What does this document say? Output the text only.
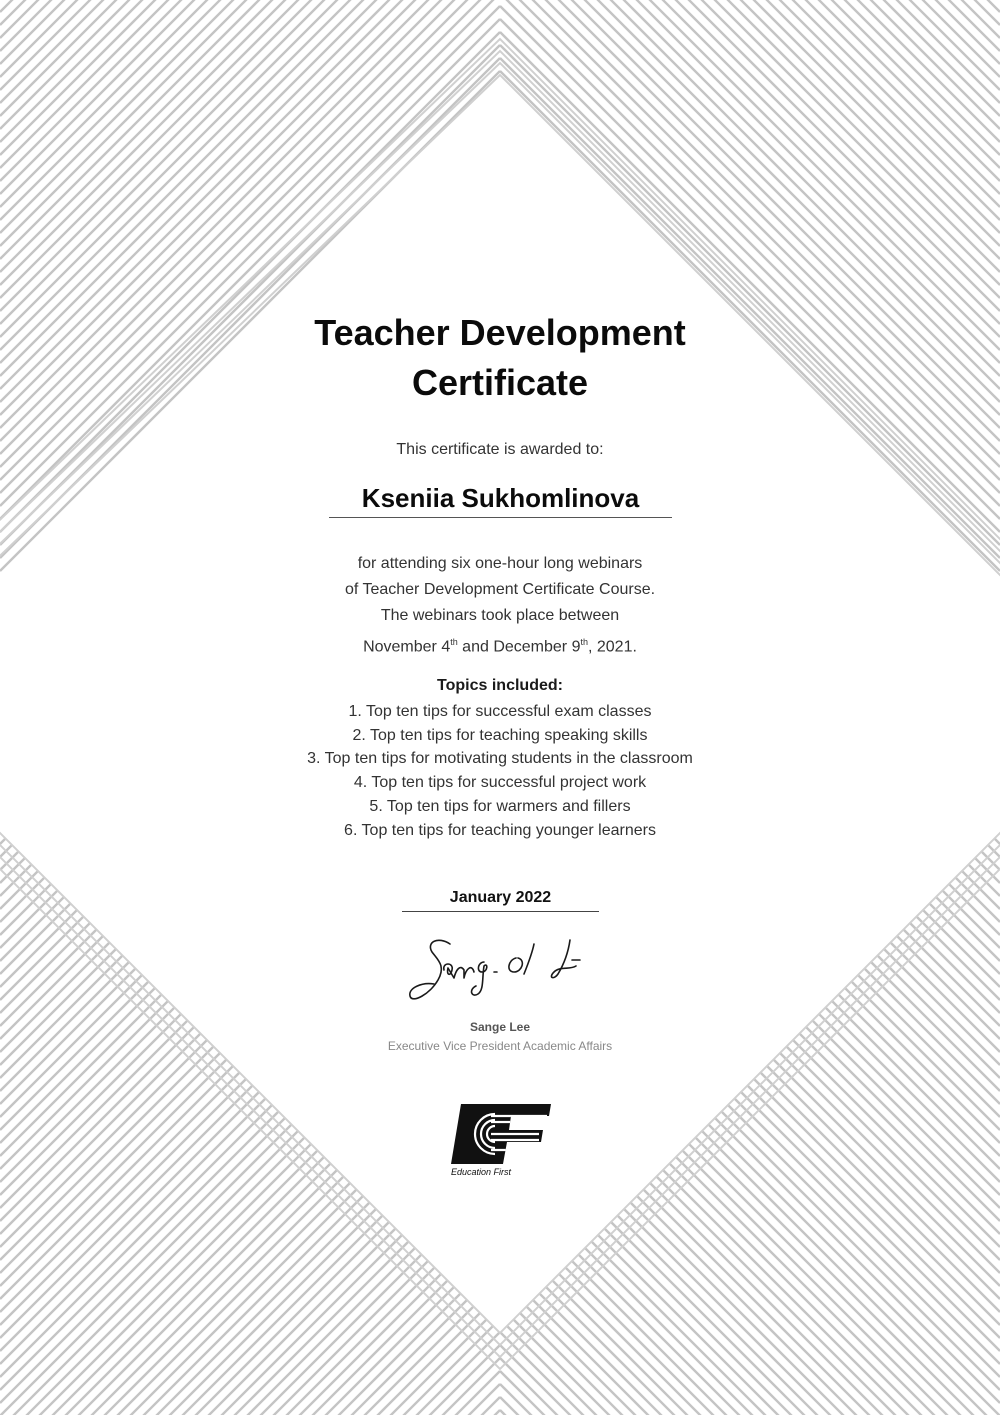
Teacher Development
Certificate

This certificate is awarded to:

Kseniia Sukhomlinova

for attending six one-hour long webinars
of Teacher Development Certificate Course.
The webinars took place between
November 4th and December 9th, 2021.

Topics included:

1. Top ten tips for successful exam classes
2. Top ten tips for teaching speaking skills
3. Top ten tips for motivating students in the classroom
4. Top ten tips for successful project work
5. Top ten tips for warmers and fillers
6. Top ten tips for teaching younger learners

January 2022

Sange Lee

Executive Vice President Academic Affairs

Education First
